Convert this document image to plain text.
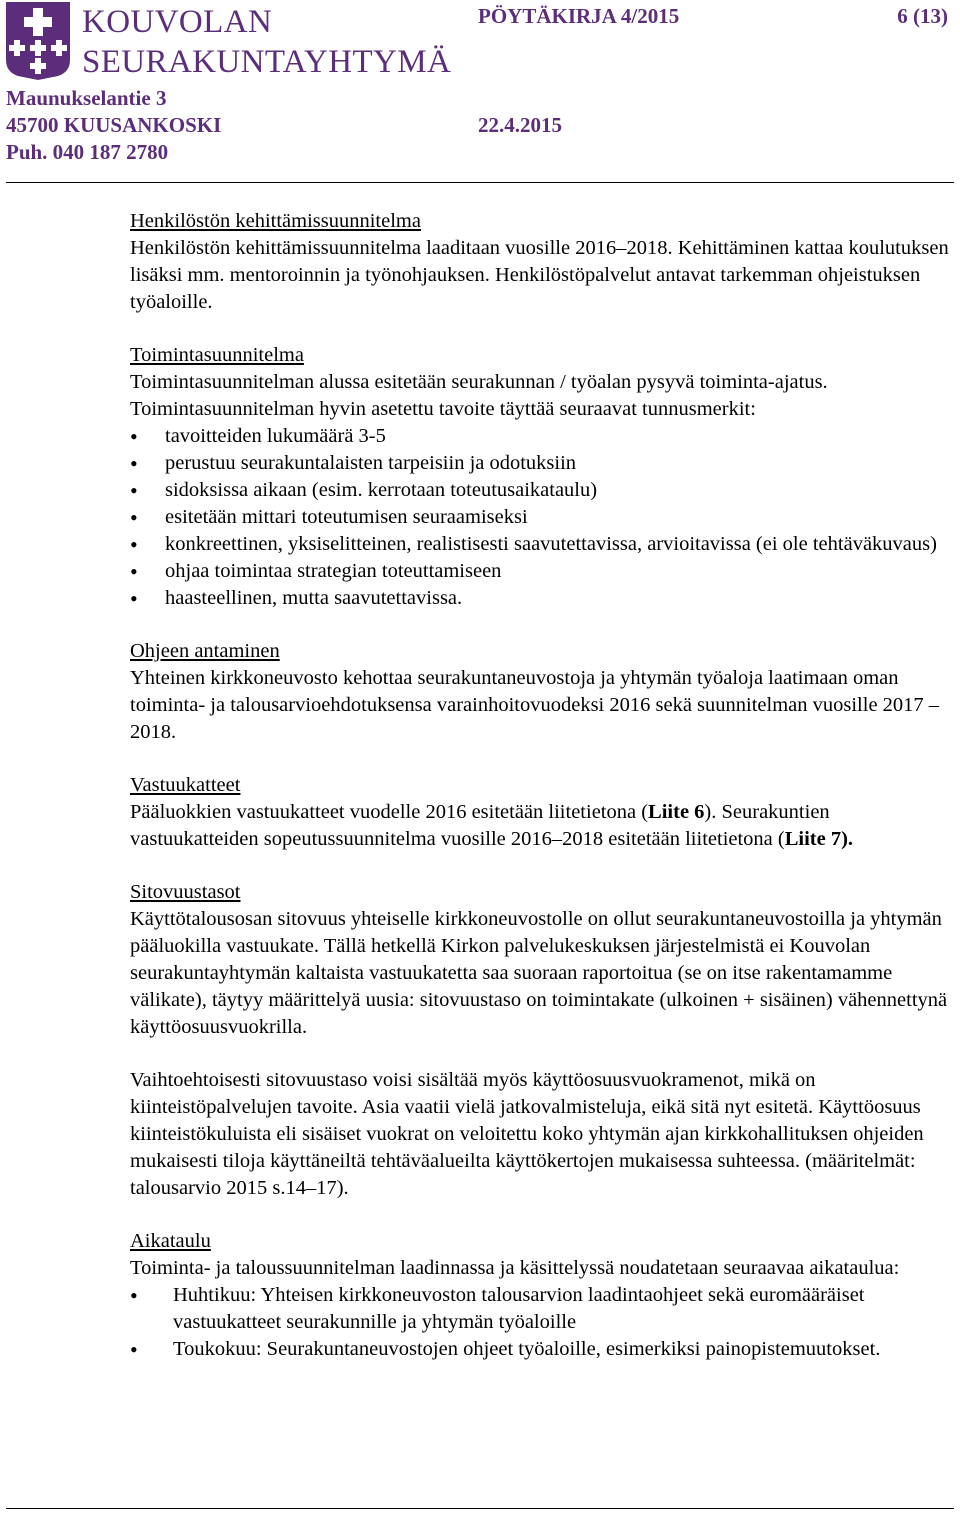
KOUVOLAN
SEURAKUNTAYHTYMÄ
PÖYTÄKIRJA 4/2015	6 (13)
Maunukselantie 3
45700 KUUSANKOSKI
Puh. 040 187 2780
22.4.2015
Henkilöstön kehittämissuunnitelma

Henkilöstön kehittämissuunnitelma laaditaan vuosille 2016–2018. Kehittäminen kattaa koulutuksen lisäksi mm. mentoroinnin ja työnohjauksen. Henkilöstöpalvelut antavat tarkemman ohjeistuksen työaloille.

Toimintasuunnitelma

Toimintasuunnitelman alussa esitetään seurakunnan / työalan pysyvä toiminta-ajatus.

Toimintasuunnitelman hyvin asetettu tavoite täyttää seuraavat tunnusmerkit:

• tavoitteiden lukumäärä 3-5
• perustuu seurakuntalaisten tarpeisiin ja odotuksiin
• sidoksissa aikaan (esim. kerrotaan toteutusaikataulu)
• esitetään mittari toteutumisen seuraamiseksi
• konkreettinen, yksiselitteinen, realistisesti saavutettavissa, arvioitavissa (ei ole tehtäväkuvaus)
• ohjaa toimintaa strategian toteuttamiseen
• haasteellinen, mutta saavutettavissa.
Ohjeen antaminen

Yhteinen kirkkoneuvosto kehottaa seurakuntaneuvostoja ja yhtymän työaloja laatimaan oman toiminta- ja talousarvioehdotuksensa varainhoitovuodeksi 2016 sekä suunnitelman vuosille 2017 – 2018.

Vastuukatteet

Pääluokkien vastuukatteet vuodelle 2016 esitetään liitetietona (Liite 6). Seurakuntien vastuukatteiden sopeutussuunnitelma vuosille 2016–2018 esitetään liitetietona (Liite 7).

Sitovuustasot

Käyttötalousosan sitovuus yhteiselle kirkkoneuvostolle on ollut seurakuntaneuvostoilla ja yhtymän pääluokilla vastuukate. Tällä hetkellä Kirkon palvelukeskuksen järjestelmistä ei Kouvolan seurakuntayhtymän kaltaista vastuukatetta saa suoraan raportoitua (se on itse rakentamamme välikate), täytyy määrittelyä uusia: sitovuustaso on toimintakate (ulkoinen + sisäinen) vähennettynä käyttöosuusvuokrilla.

Vaihtoehtoisesti sitovuustaso voisi sisältää myös käyttöosuusvuokramenot, mikä on kiinteistöpalvelujen tavoite. Asia vaatii vielä jatkovalmisteluja, eikä sitä nyt esitetä. Käyttöosuus kiinteistökuluista eli sisäiset vuokrat on veloitettu koko yhtymän ajan kirkkohallituksen ohjeiden mukaisesti tiloja käyttäneiltä tehtäväalueilta käyttökertojen mukaisessa suhteessa. (määritelmät: talousarvio 2015 s.14–17).

Aikataulu

Toiminta- ja taloussuunnitelman laadinnassa ja käsittelyssä noudatetaan seuraavaa aikataulua:

• Huhtikuu: Yhteisen kirkkoneuvoston talousarvion laadintaohjeet sekä euromääräiset vastuukatteet seurakunnille ja yhtymän työaloille
• Toukokuu: Seurakuntaneuvostojen ohjeet työaloille, esimerkiksi painopistemuutokset.
